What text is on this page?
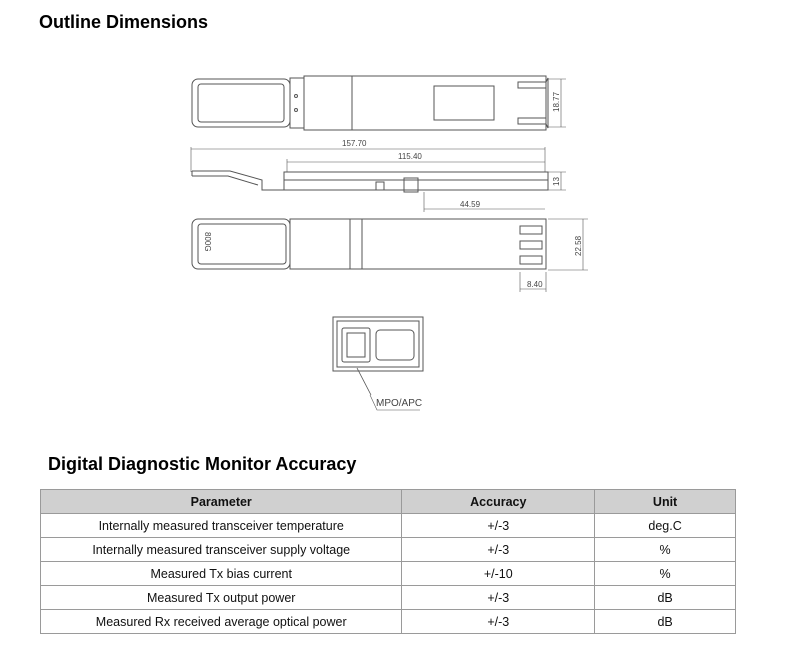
Outline Dimensions
157.70
115.40
44.59
8.40
18.77
13
22.58
800G
MPO/APC
Digital Diagnostic Monitor Accuracy
Parameter	Accuracy	Unit
Internally measured transceiver temperature	+/-3	deg.C
Internally measured transceiver supply voltage	+/-3	%
Measured Tx bias current	+/-10	%
Measured Tx output power	+/-3	dB
Measured Rx received average optical power	+/-3	dB
